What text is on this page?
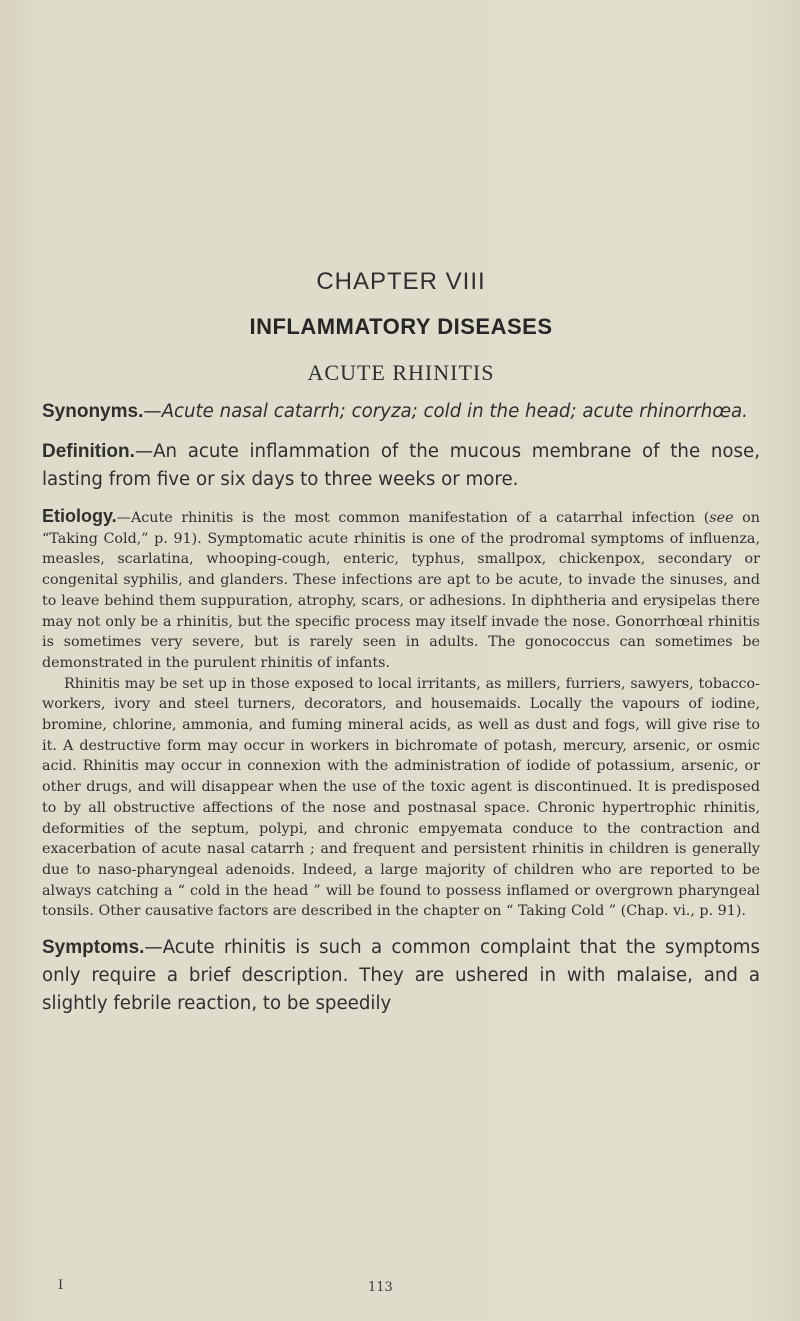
CHAPTER VIII
INFLAMMATORY DISEASES
ACUTE RHINITIS

Synonyms.—Acute nasal catarrh; coryza; cold in the head; acute rhinorrhœa.

Definition.—An acute inflammation of the mucous membrane of the nose, lasting from five or six days to three weeks or more.

Etiology.—Acute rhinitis is the most common manifestation of a catarrhal infection (see on “Taking Cold,” p. 91). Symptomatic acute rhinitis is one of the prodromal symptoms of influenza, measles, scarlatina, whooping-cough, enteric, typhus, smallpox, chickenpox, secondary or congenital syphilis, and glanders. These infections are apt to be acute, to invade the sinuses, and to leave behind them suppuration, atrophy, scars, or adhesions. In diphtheria and erysipelas there may not only be a rhinitis, but the specific process may itself invade the nose. Gonorrhœal rhinitis is sometimes very severe, but is rarely seen in adults. The gonococcus can sometimes be demonstrated in the purulent rhinitis of infants.

Rhinitis may be set up in those exposed to local irritants, as millers, furriers, sawyers, tobacco-workers, ivory and steel turners, decorators, and housemaids. Locally the vapours of iodine, bromine, chlorine, ammonia, and fuming mineral acids, as well as dust and fogs, will give rise to it. A destructive form may occur in workers in bichromate of potash, mercury, arsenic, or osmic acid. Rhinitis may occur in connexion with the administration of iodide of potassium, arsenic, or other drugs, and will disappear when the use of the toxic agent is discontinued. It is predisposed to by all obstructive affections of the nose and postnasal space. Chronic hypertrophic rhinitis, deformities of the septum, polypi, and chronic empyemata conduce to the contraction and exacerbation of acute nasal catarrh ; and frequent and persistent rhinitis in children is generally due to naso-pharyngeal adenoids. Indeed, a large majority of children who are reported to be always catching a “ cold in the head ” will be found to possess inflamed or overgrown pharyngeal tonsils. Other causative factors are described in the chapter on “ Taking Cold ” (Chap. vi., p. 91).

Symptoms.—Acute rhinitis is such a common complaint that the symptoms only require a brief description. They are ushered in with malaise, and a slightly febrile reaction, to be speedily

I	113
